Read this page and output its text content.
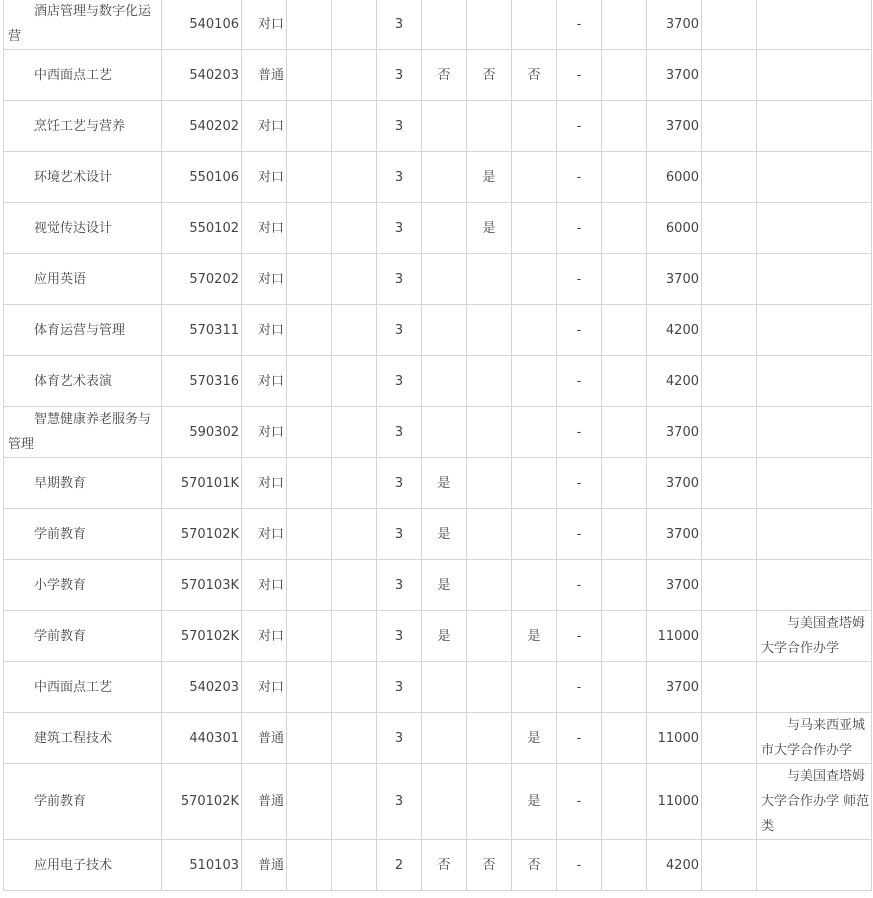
酒店管理与数字化运营	540106	对口			3				-		3700		
中西面点工艺	540203	普通			3	否	否	否	-		3700		
烹饪工艺与营养	540202	对口			3				-		3700		
环境艺术设计	550106	对口			3		是		-		6000		
视觉传达设计	550102	对口			3		是		-		6000		
应用英语	570202	对口			3				-		3700		
体育运营与管理	570311	对口			3				-		4200		
体育艺术表演	570316	对口			3				-		4200		
智慧健康养老服务与管理	590302	对口			3				-		3700		
早期教育	570101K	对口			3	是			-		3700		
学前教育	570102K	对口			3	是			-		3700		
小学教育	570103K	对口			3	是			-		3700		
学前教育	570102K	对口			3	是		是	-		11000		与美国查塔姆大学合作办学
中西面点工艺	540203	对口			3				-		3700		
建筑工程技术	440301	普通			3			是	-		11000		与马来西亚城市大学合作办学
学前教育	570102K	普通			3			是	-		11000		与美国查塔姆大学合作办学 师范类
应用电子技术	510103	普通			2	否	否	否	-		4200		
